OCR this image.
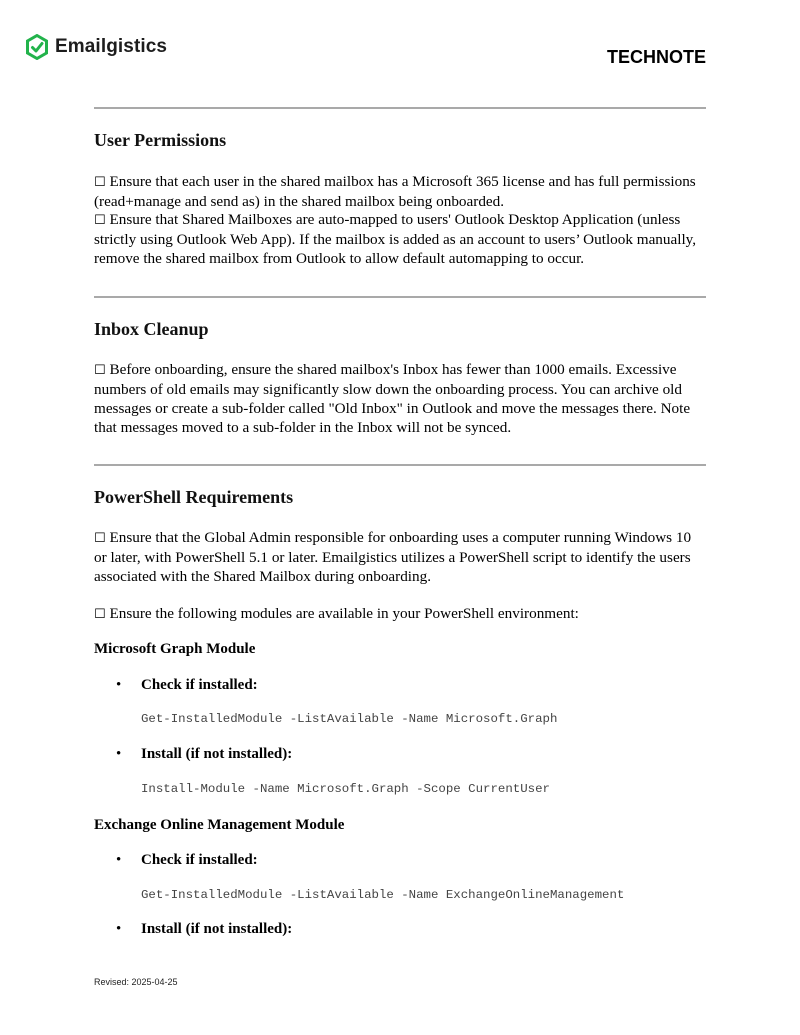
Emailgistics	TECHNOTE
User Permissions
☐ Ensure that each user in the shared mailbox has a Microsoft 365 license and has full permissions (read+manage and send as) in the shared mailbox being onboarded.
☐ Ensure that Shared Mailboxes are auto-mapped to users' Outlook Desktop Application (unless strictly using Outlook Web App). If the mailbox is added as an account to users’ Outlook manually, remove the shared mailbox from Outlook to allow default automapping to occur.
Inbox Cleanup
☐ Before onboarding, ensure the shared mailbox's Inbox has fewer than 1000 emails. Excessive numbers of old emails may significantly slow down the onboarding process. You can archive old messages or create a sub-folder called "Old Inbox" in Outlook and move the messages there. Note that messages moved to a sub-folder in the Inbox will not be synced.
PowerShell Requirements
☐ Ensure that the Global Admin responsible for onboarding uses a computer running Windows 10 or later, with PowerShell 5.1 or later. Emailgistics utilizes a PowerShell script to identify the users associated with the Shared Mailbox during onboarding.
☐ Ensure the following modules are available in your PowerShell environment:
Microsoft Graph Module
• Check if installed:
Get-InstalledModule -ListAvailable -Name Microsoft.Graph
• Install (if not installed):
Install-Module -Name Microsoft.Graph -Scope CurrentUser
Exchange Online Management Module
• Check if installed:
Get-InstalledModule -ListAvailable -Name ExchangeOnlineManagement
• Install (if not installed):
Revised: 2025-04-25
